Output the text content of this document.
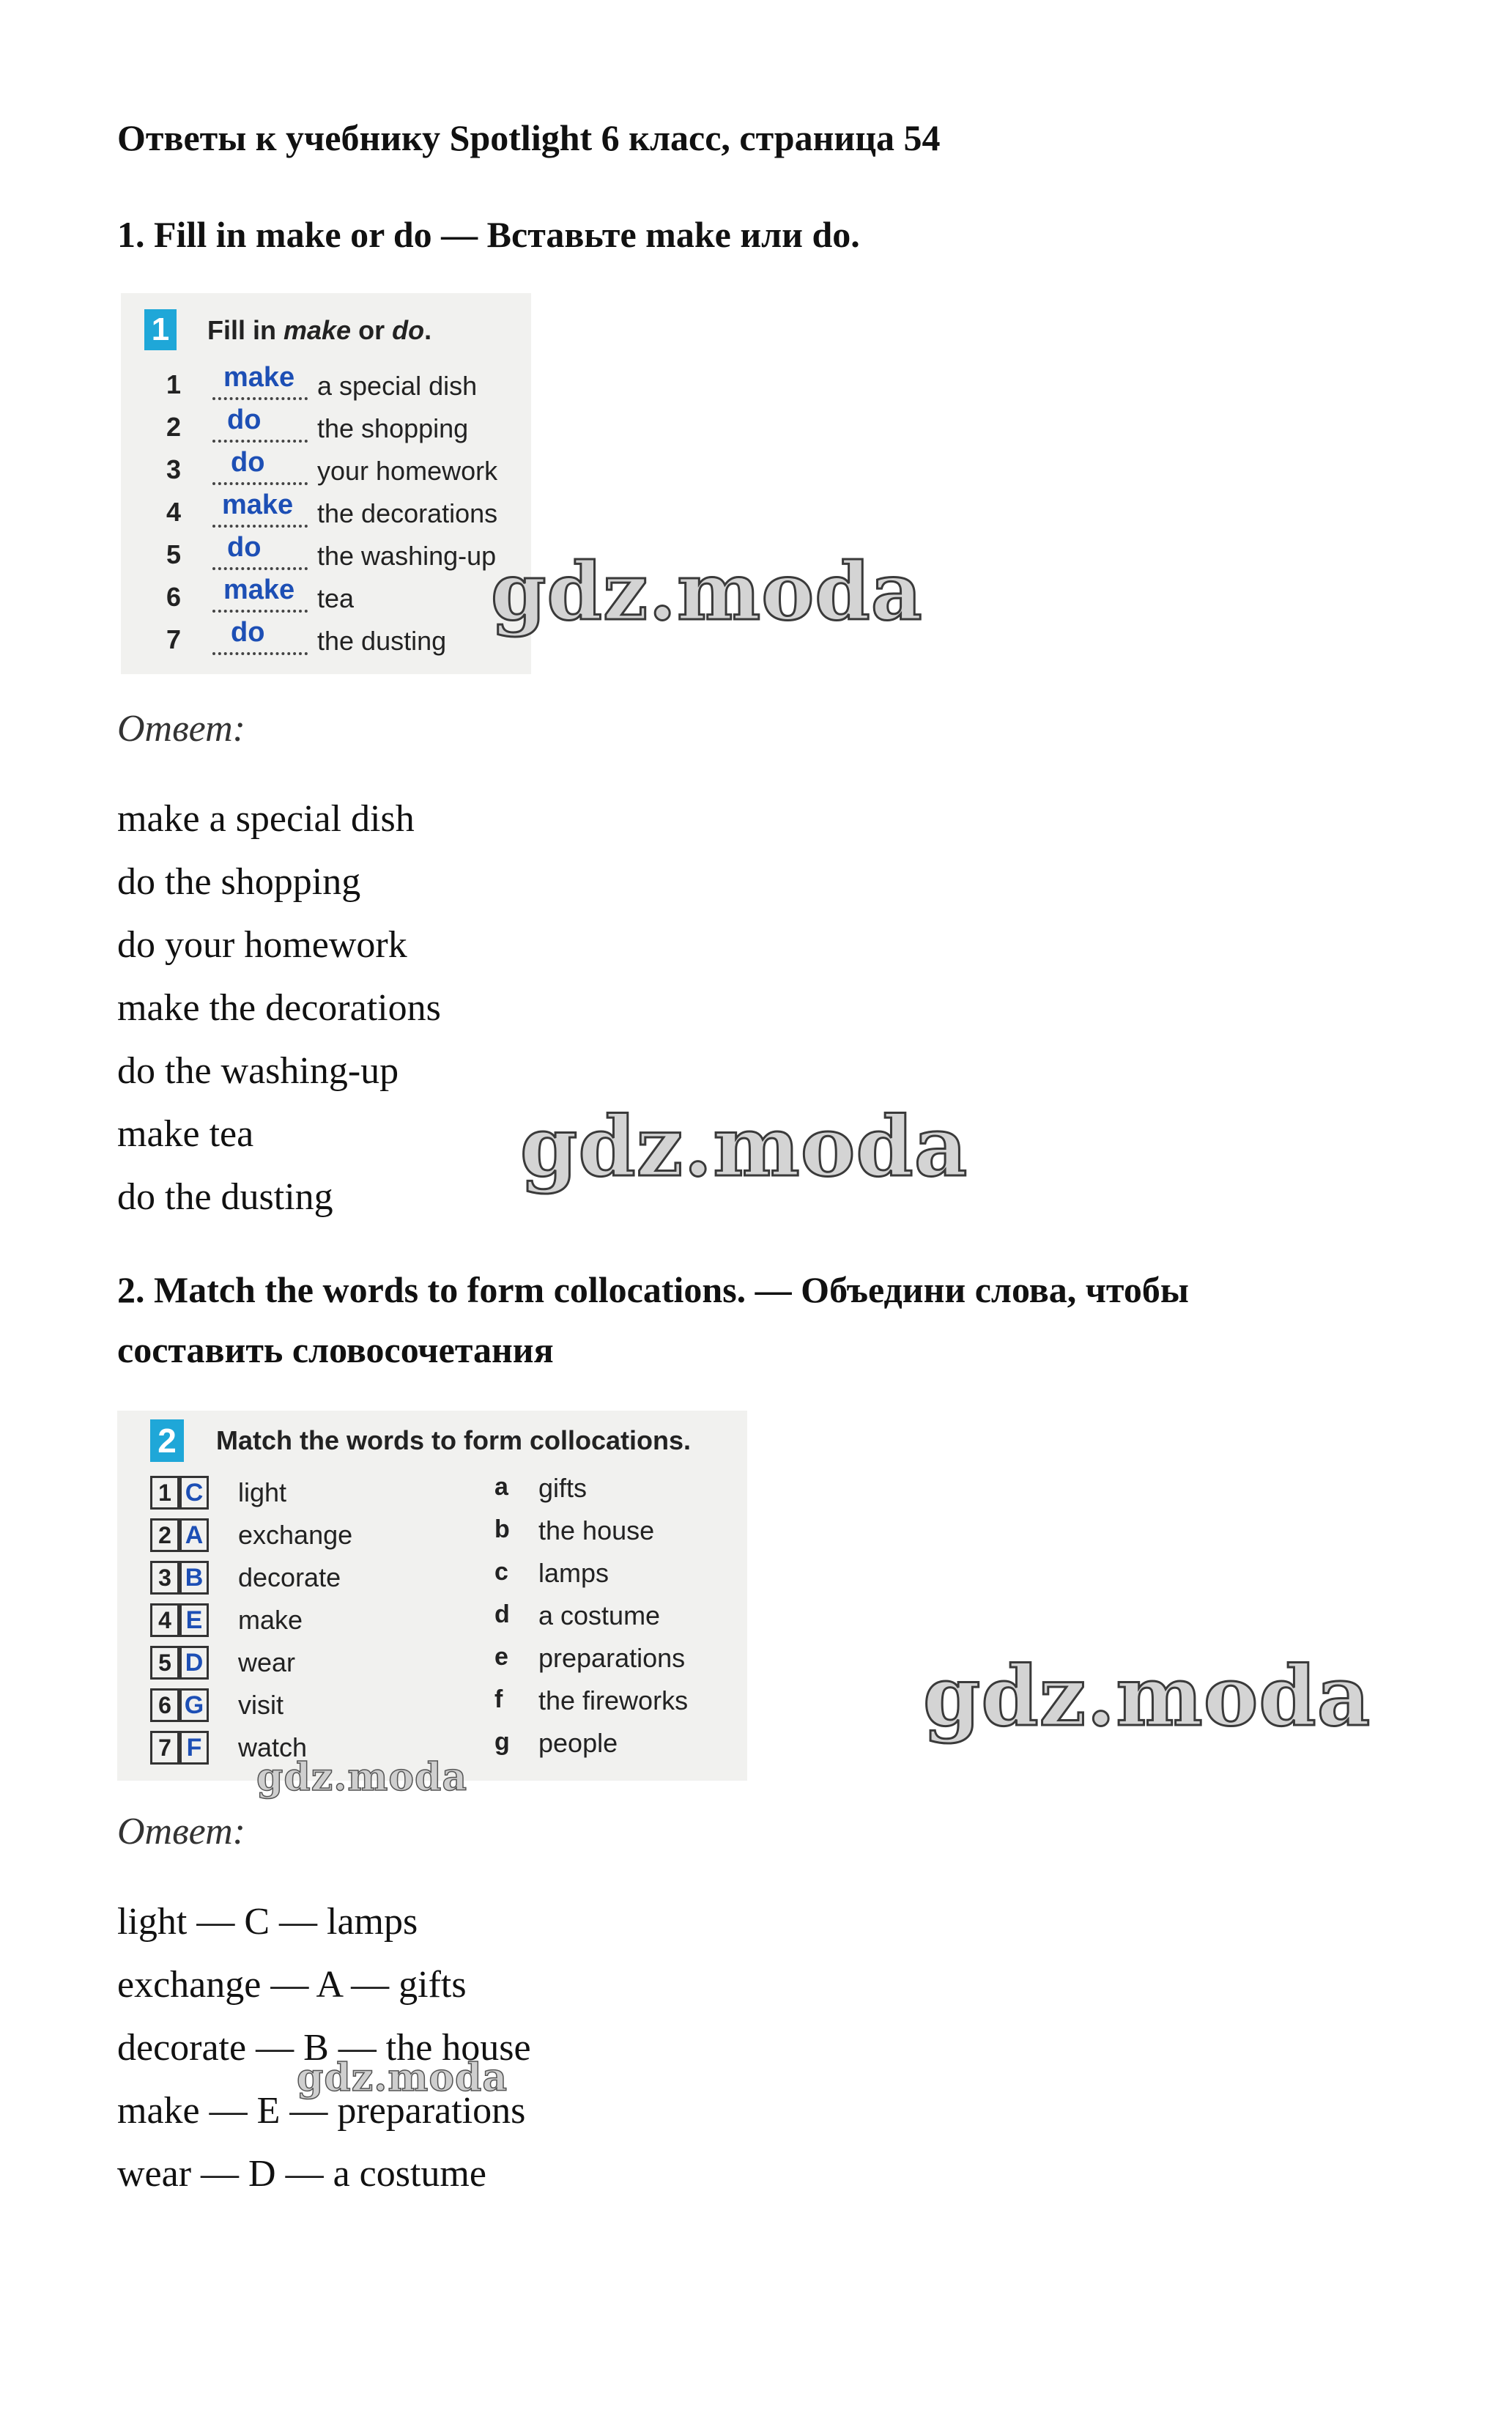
Ответы к учебнику Spotlight 6 класс, страница 54
1. Fill in make or do — Вставьте make или do.
1 Fill in make or do.
1 make a special dish
2 do the shopping
3 do your homework
4 make the decorations
5 do the washing-up
6 make tea
7 do the dusting
gdz.moda
Ответ:
make a special dish
do the shopping
do your homework
make the decorations
do the washing-up
make tea
do the dusting
gdz.moda
2. Match the words to form collocations. — Объедини слова, чтобы
составить словосочетания
2 Match the words to form collocations.
1 C light	a gifts
2 A exchange	b the house
3 B decorate	c lamps
4 E make	d a costume
5 D wear	e preparations
6 G visit	f the fireworks
7 F watch	g people	gdz.moda
gdz.moda
Ответ:
light — C — lamps
exchange — A — gifts
decorate — B — the house
make — E — preparations
wear — D — a costume
gdz.moda
